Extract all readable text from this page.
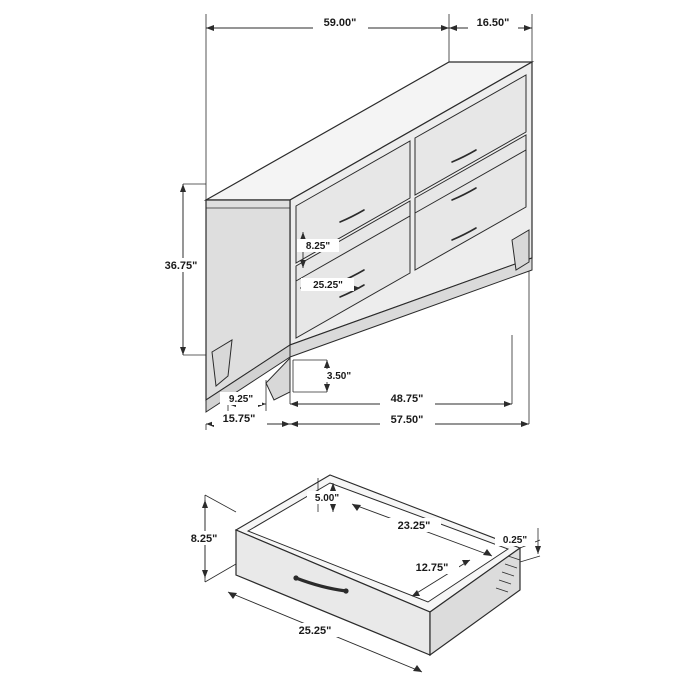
59.00"	16.50"
36.75"
8.25"
25.25"
3.50"
9.25"	48.75"
15.75"	57.50"
5.00"
23.25"
8.25"	0.25"
12.75"
25.25"
